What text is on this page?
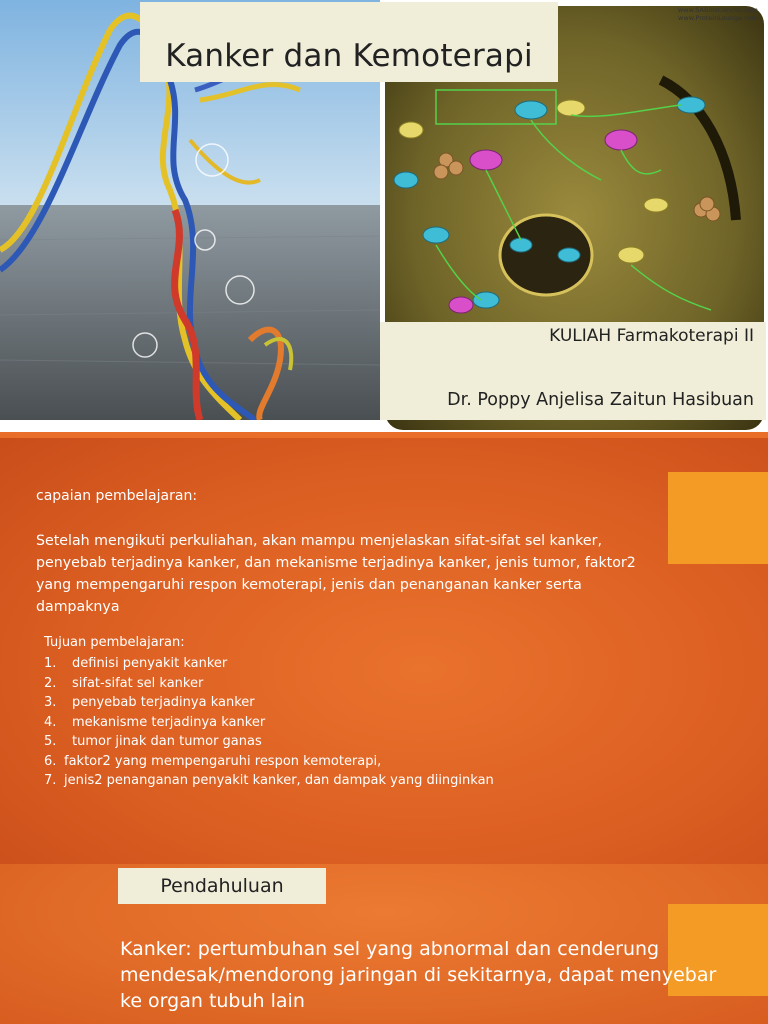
www.SABiosciences.com
www.ProteinLounge.com
Kanker dan Kemoterapi
KULIAH Farmakoterapi II
Dr. Poppy Anjelisa Zaitun Hasibuan
capaian pembelajaran:
Setelah mengikuti perkuliahan, akan mampu menjelaskan sifat-sifat sel kanker, penyebab terjadinya kanker, dan mekanisme terjadinya kanker, jenis tumor, faktor2 yang mempengaruhi respon kemoterapi, jenis dan penanganan kanker serta dampaknya
Tujuan pembelajaran:
1. definisi penyakit kanker
2. sifat-sifat sel kanker
3. penyebab terjadinya kanker
4. mekanisme terjadinya kanker
5. tumor jinak dan tumor ganas
6. faktor2 yang mempengaruhi respon kemoterapi,
7. jenis2 penanganan penyakit kanker, dan dampak yang diinginkan
Pendahuluan
Kanker: pertumbuhan sel yang abnormal dan cenderung mendesak/mendorong jaringan di sekitarnya, dapat menyebar ke organ tubuh lain
